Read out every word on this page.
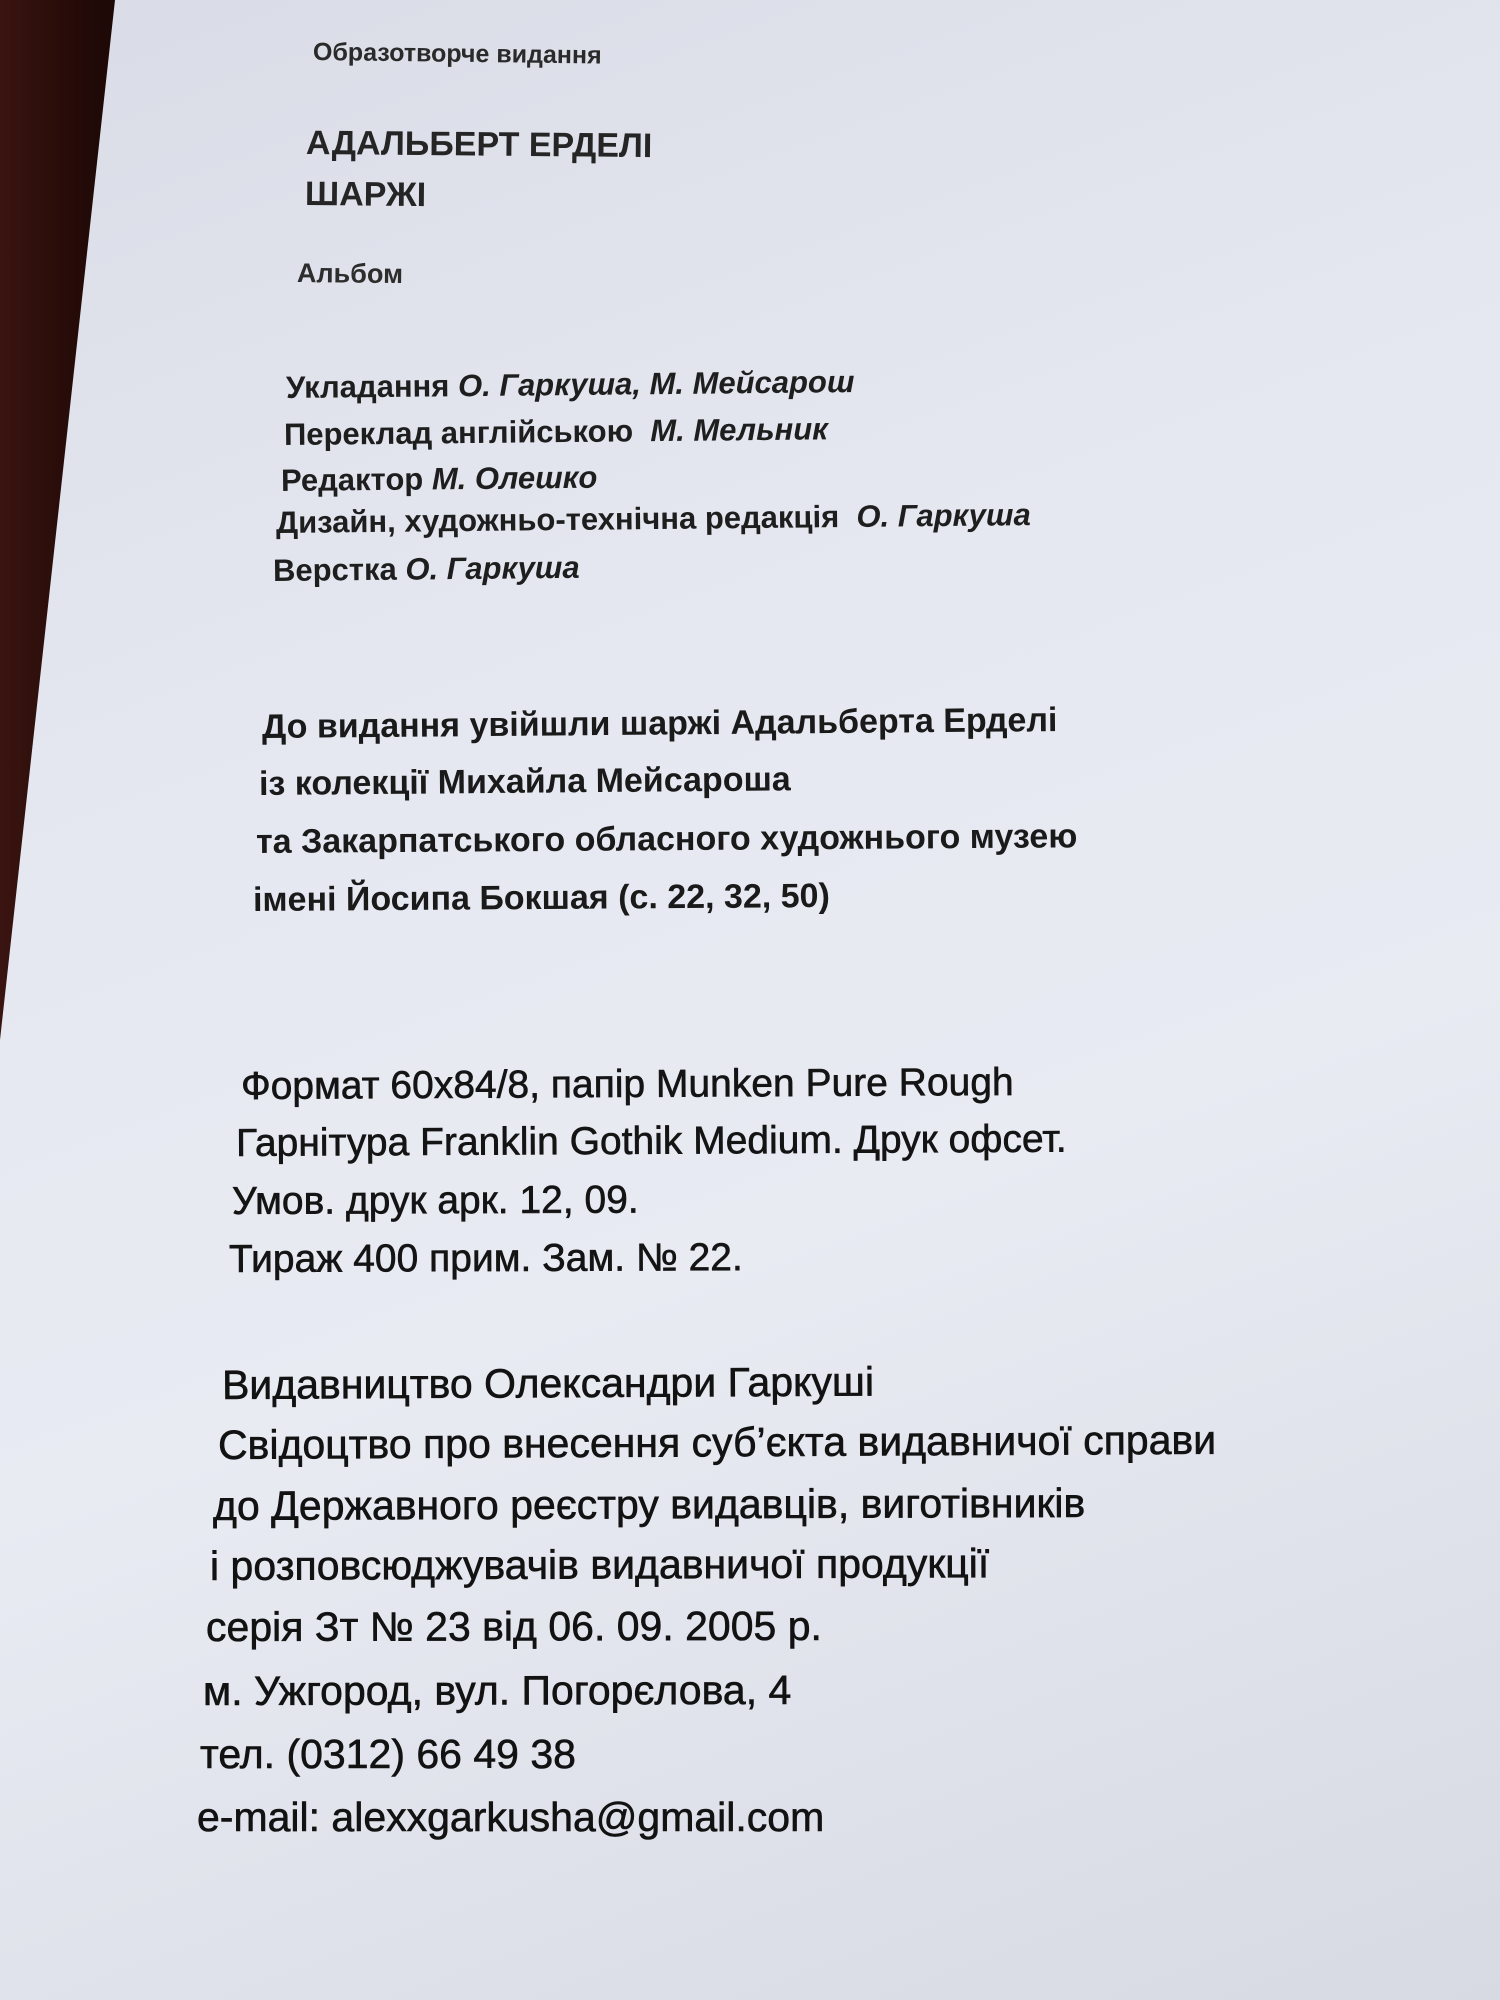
Образотворче видання
АДАЛЬБЕРТ ЕРДЕЛІ
ШАРЖІ
Альбом
Укладання О. Гаркуша, М. Мейсарош
Переклад англійською М. Мельник
Редактор М. Олешко
Дизайн, художньо-технічна редакція О. Гаркуша
Верстка О. Гаркуша
До видання увійшли шаржі Адальберта Ерделі
із колекції Михайла Мейсароша
та Закарпатського обласного художнього музею
імені Йосипа Бокшая (с. 22, 32, 50)
Формат 60x84/8, папір Munken Pure Rough
Гарнітура Franklin Gothik Medium. Друк офсет.
Умов. друк арк. 12, 09.
Тираж 400 прим. Зам. № 22.
Видавництво Олександри Гаркуші
Свідоцтво про внесення суб’єкта видавничої справи
до Державного реєстру видавців, виготівників
і розповсюджувачів видавничої продукції
серія Зт № 23 від 06. 09. 2005 р.
м. Ужгород, вул. Погорєлова, 4
тел. (0312) 66 49 38
e-mail: alexxgarkusha@gmail.com
